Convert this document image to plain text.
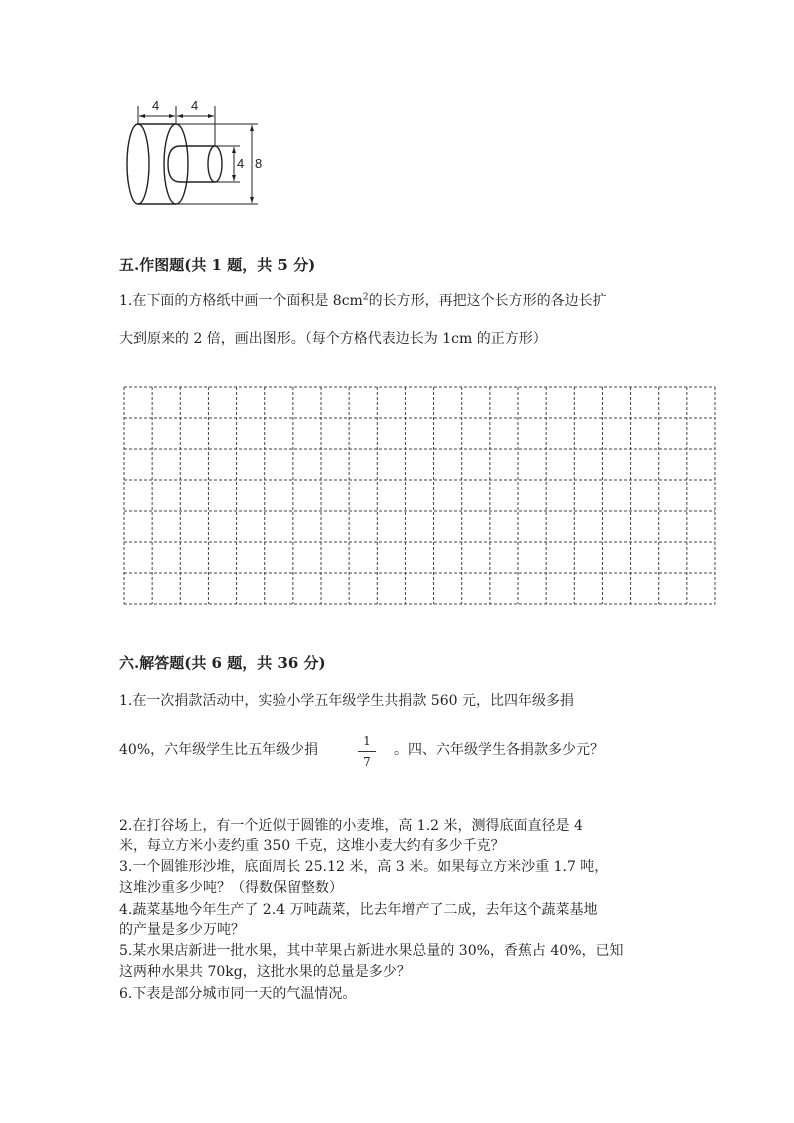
4 4
4 8
五.作图题(共 1 题，共 5 分)
1.在下面的方格纸中画一个面积是 $8cm^2$的长方形，再把这个长方形的各边长扩
大到原来的 2 倍，画出图形。（每个方格代表边长为 1cm 的正方形）
六.解答题(共 6 题，共 36 分)
1.在一次捐款活动中，实验小学五年级学生共捐款 560 元，比四年级多捐
40%，六年级学生比五年级少捐
1
7
。四、六年级学生各捐款多少元？
2.在打谷场上，有一个近似于圆锥的小麦堆，高 1.2 米，测得底面直径是 4
米，每立方米小麦约重 350 千克，这堆小麦大约有多少千克？
3.一个圆锥形沙堆，底面周长 25.12 米，高 3 米。如果每立方米沙重 1.7 吨，
这堆沙重多少吨？（得数保留整数）
4.蔬菜基地今年生产了 2.4 万吨蔬菜，比去年增产了二成，去年这个蔬菜基地
的产量是多少万吨？
5.某水果店新进一批水果，其中苹果占新进水果总量的 30%，香蕉占 40%，已知
这两种水果共 70kg，这批水果的总量是多少？
6.下表是部分城市同一天的气温情况。
